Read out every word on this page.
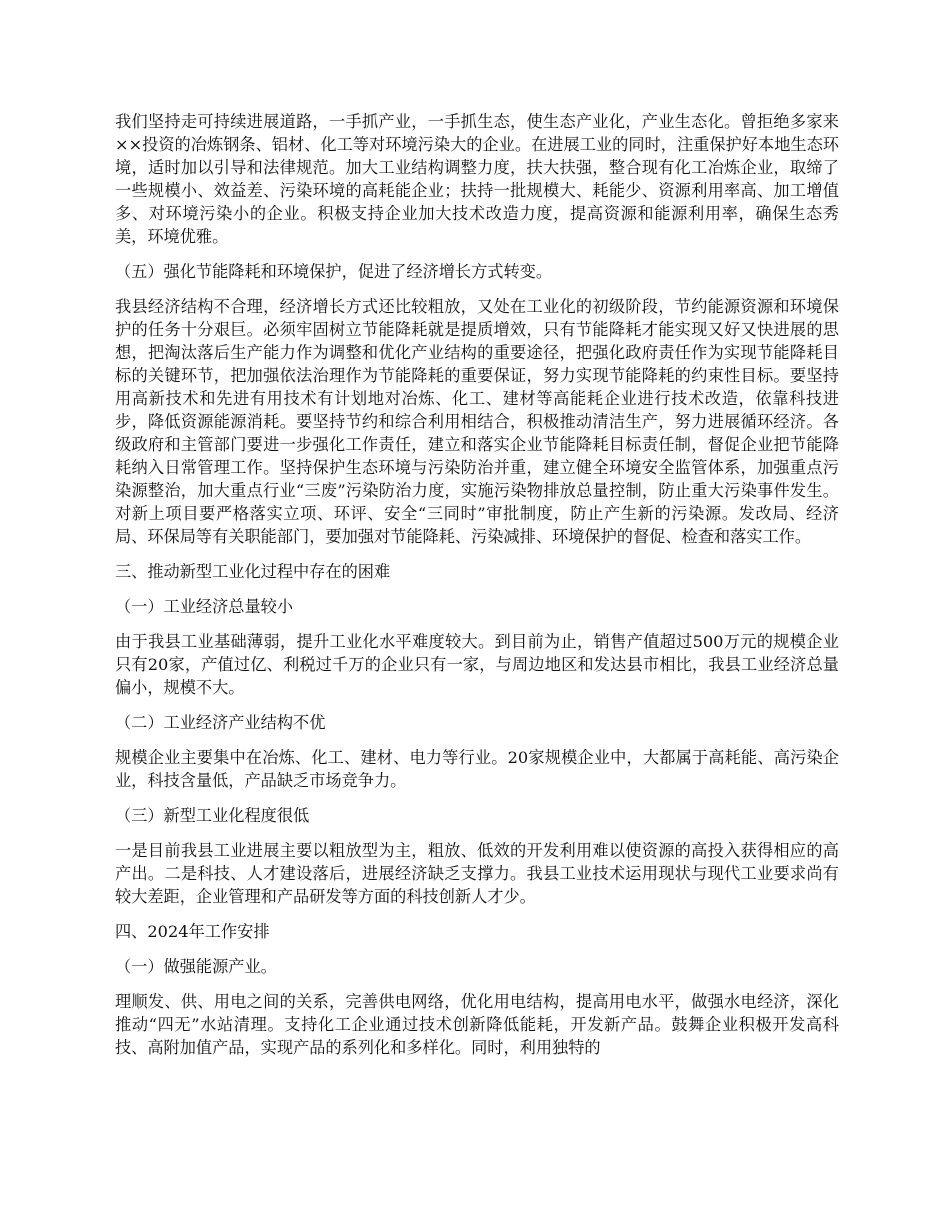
我们坚持走可持续进展道路，一手抓产业，一手抓生态，使生态产业化，产业生态化。曾拒绝多家来××投资的冶炼钢条、铝材、化工等对环境污染大的企业。在进展工业的同时，注重保护好本地生态环境，适时加以引导和法律规范。加大工业结构调整力度，扶大扶强，整合现有化工冶炼企业，取缔了一些规模小、效益差、污染环境的高耗能企业；扶持一批规模大、耗能少、资源利用率高、加工增值多、对环境污染小的企业。积极支持企业加大技术改造力度，提高资源和能源利用率，确保生态秀美，环境优雅。

（五）强化节能降耗和环境保护，促进了经济增长方式转变。

我县经济结构不合理，经济增长方式还比较粗放，又处在工业化的初级阶段，节约能源资源和环境保护的任务十分艰巨。必须牢固树立节能降耗就是提质增效，只有节能降耗才能实现又好又快进展的思想，把淘汰落后生产能力作为调整和优化产业结构的重要途径，把强化政府责任作为实现节能降耗目标的关键环节，把加强依法治理作为节能降耗的重要保证，努力实现节能降耗的约束性目标。要坚持用高新技术和先进有用技术有计划地对冶炼、化工、建材等高能耗企业进行技术改造，依靠科技进步，降低资源能源消耗。要坚持节约和综合利用相结合，积极推动清洁生产，努力进展循环经济。各级政府和主管部门要进一步强化工作责任，建立和落实企业节能降耗目标责任制，督促企业把节能降耗纳入日常管理工作。坚持保护生态环境与污染防治并重，建立健全环境安全监管体系，加强重点污染源整治，加大重点行业“三废”污染防治力度，实施污染物排放总量控制，防止重大污染事件发生。对新上项目要严格落实立项、环评、安全“三同时”审批制度，防止产生新的污染源。发改局、经济局、环保局等有关职能部门，要加强对节能降耗、污染减排、环境保护的督促、检查和落实工作。

三、推动新型工业化过程中存在的困难

（一）工业经济总量较小

由于我县工业基础薄弱，提升工业化水平难度较大。到目前为止，销售产值超过500万元的规模企业只有20家，产值过亿、利税过千万的企业只有一家，与周边地区和发达县市相比，我县工业经济总量偏小，规模不大。

（二）工业经济产业结构不优

规模企业主要集中在冶炼、化工、建材、电力等行业。20家规模企业中，大都属于高耗能、高污染企业，科技含量低，产品缺乏市场竞争力。

（三）新型工业化程度很低

一是目前我县工业进展主要以粗放型为主，粗放、低效的开发利用难以使资源的高投入获得相应的高产出。二是科技、人才建设落后，进展经济缺乏支撑力。我县工业技术运用现状与现代工业要求尚有较大差距，企业管理和产品研发等方面的科技创新人才少。

四、2024年工作安排

（一）做强能源产业。

理顺发、供、用电之间的关系，完善供电网络，优化用电结构，提高用电水平，做强水电经济，深化推动“四无”水站清理。支持化工企业通过技术创新降低能耗，开发新产品。鼓舞企业积极开发高科技、高附加值产品，实现产品的系列化和多样化。同时，利用独特的
